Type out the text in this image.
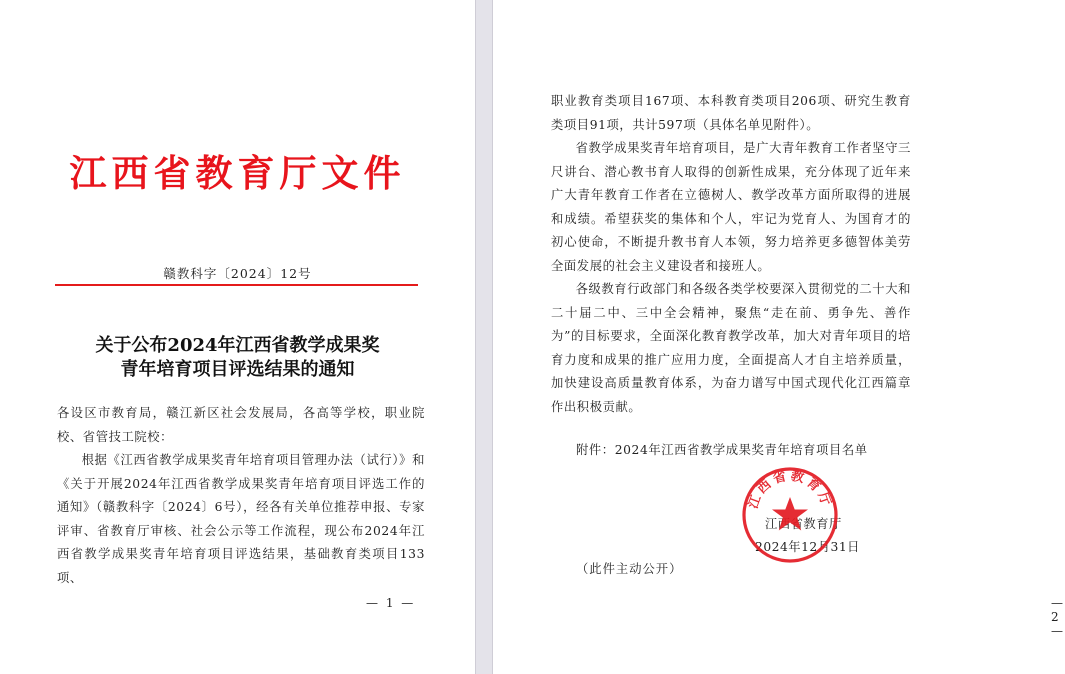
江西省教育厅文件
赣教科字〔2024〕12号
关于公布2024年江西省教学成果奖
青年培育项目评选结果的通知
各设区市教育局，赣江新区社会发展局，各高等学校，职业院校、省管技工院校：
根据《江西省教学成果奖青年培育项目管理办法（试行）》和《关于开展2024年江西省教学成果奖青年培育项目评选工作的通知》（赣教科字〔2024〕6号），经各有关单位推荐申报、专家评审、省教育厅审核、社会公示等工作流程，现公布2024年江西省教学成果奖青年培育项目评选结果，基础教育类项目133项、
— 1 —

职业教育类项目167项、本科教育类项目206项、研究生教育类项目91项，共计597项（具体名单见附件）。

省教学成果奖青年培育项目，是广大青年教育工作者坚守三尺讲台、潜心教书育人取得的创新性成果，充分体现了近年来广大青年教育工作者在立德树人、教学改革方面所取得的进展和成绩。希望获奖的集体和个人，牢记为党育人、为国育才的初心使命，不断提升教书育人本领，努力培养更多德智体美劳全面发展的社会主义建设者和接班人。

各级教育行政部门和各级各类学校要深入贯彻党的二十大和二十届二中、三中全会精神，聚焦“走在前、勇争先、善作为”的目标要求，全面深化教育教学改革，加大对青年项目的培育力度和成果的推广应用力度，全面提高人才自主培养质量，加快建设高质量教育体系，为奋力谱写中国式现代化江西篇章作出积极贡献。

附件：2024年江西省教学成果奖青年培育项目名单
江西省教育厅
江西省教育厅
2024年12月31日
（此件主动公开）
— 2 —
